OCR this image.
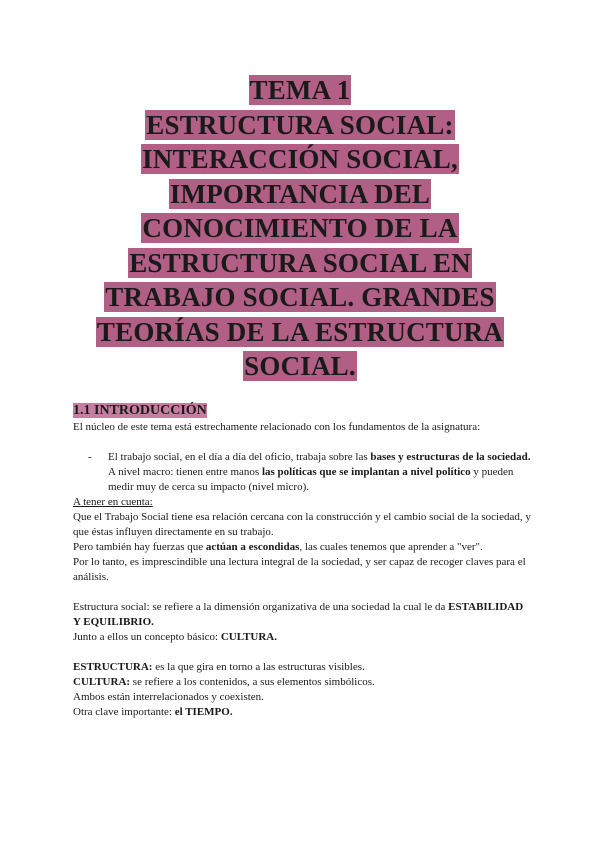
TEMA 1
ESTRUCTURA SOCIAL:
INTERACCIÓN SOCIAL,
IMPORTANCIA DEL
CONOCIMIENTO DE LA
ESTRUCTURA SOCIAL EN
TRABAJO SOCIAL. GRANDES
TEORÍAS DE LA ESTRUCTURA
SOCIAL.
1.1 INTRODUCCIÓN

El núcleo de este tema está estrechamente relacionado con los fundamentos de la asignatura:

- El trabajo social, en el día a día del oficio, trabaja sobre las bases y estructuras de la sociedad.
A nivel macro: tienen entre manos las políticas que se implantan a nivel político y pueden medir muy de cerca su impacto (nivel micro).

A tener en cuenta:

Que el Trabajo Social tiene esa relación cercana con la construcción y el cambio social de la sociedad, y que éstas influyen directamente en su trabajo.

Pero también hay fuerzas que actúan a escondidas, las cuales tenemos que aprender a "ver".

Por lo tanto, es imprescindible una lectura integral de la sociedad, y ser capaz de recoger claves para el análisis.

Estructura social: se refiere a la dimensión organizativa de una sociedad la cual le da ESTABILIDAD Y EQUILIBRIO.

Junto a ellos un concepto básico: CULTURA.

ESTRUCTURA: es la que gira en torno a las estructuras visibles.

CULTURA: se refiere a los contenidos, a sus elementos simbólicos.

Ambos están interrelacionados y coexisten.

Otra clave importante: el TIEMPO.
